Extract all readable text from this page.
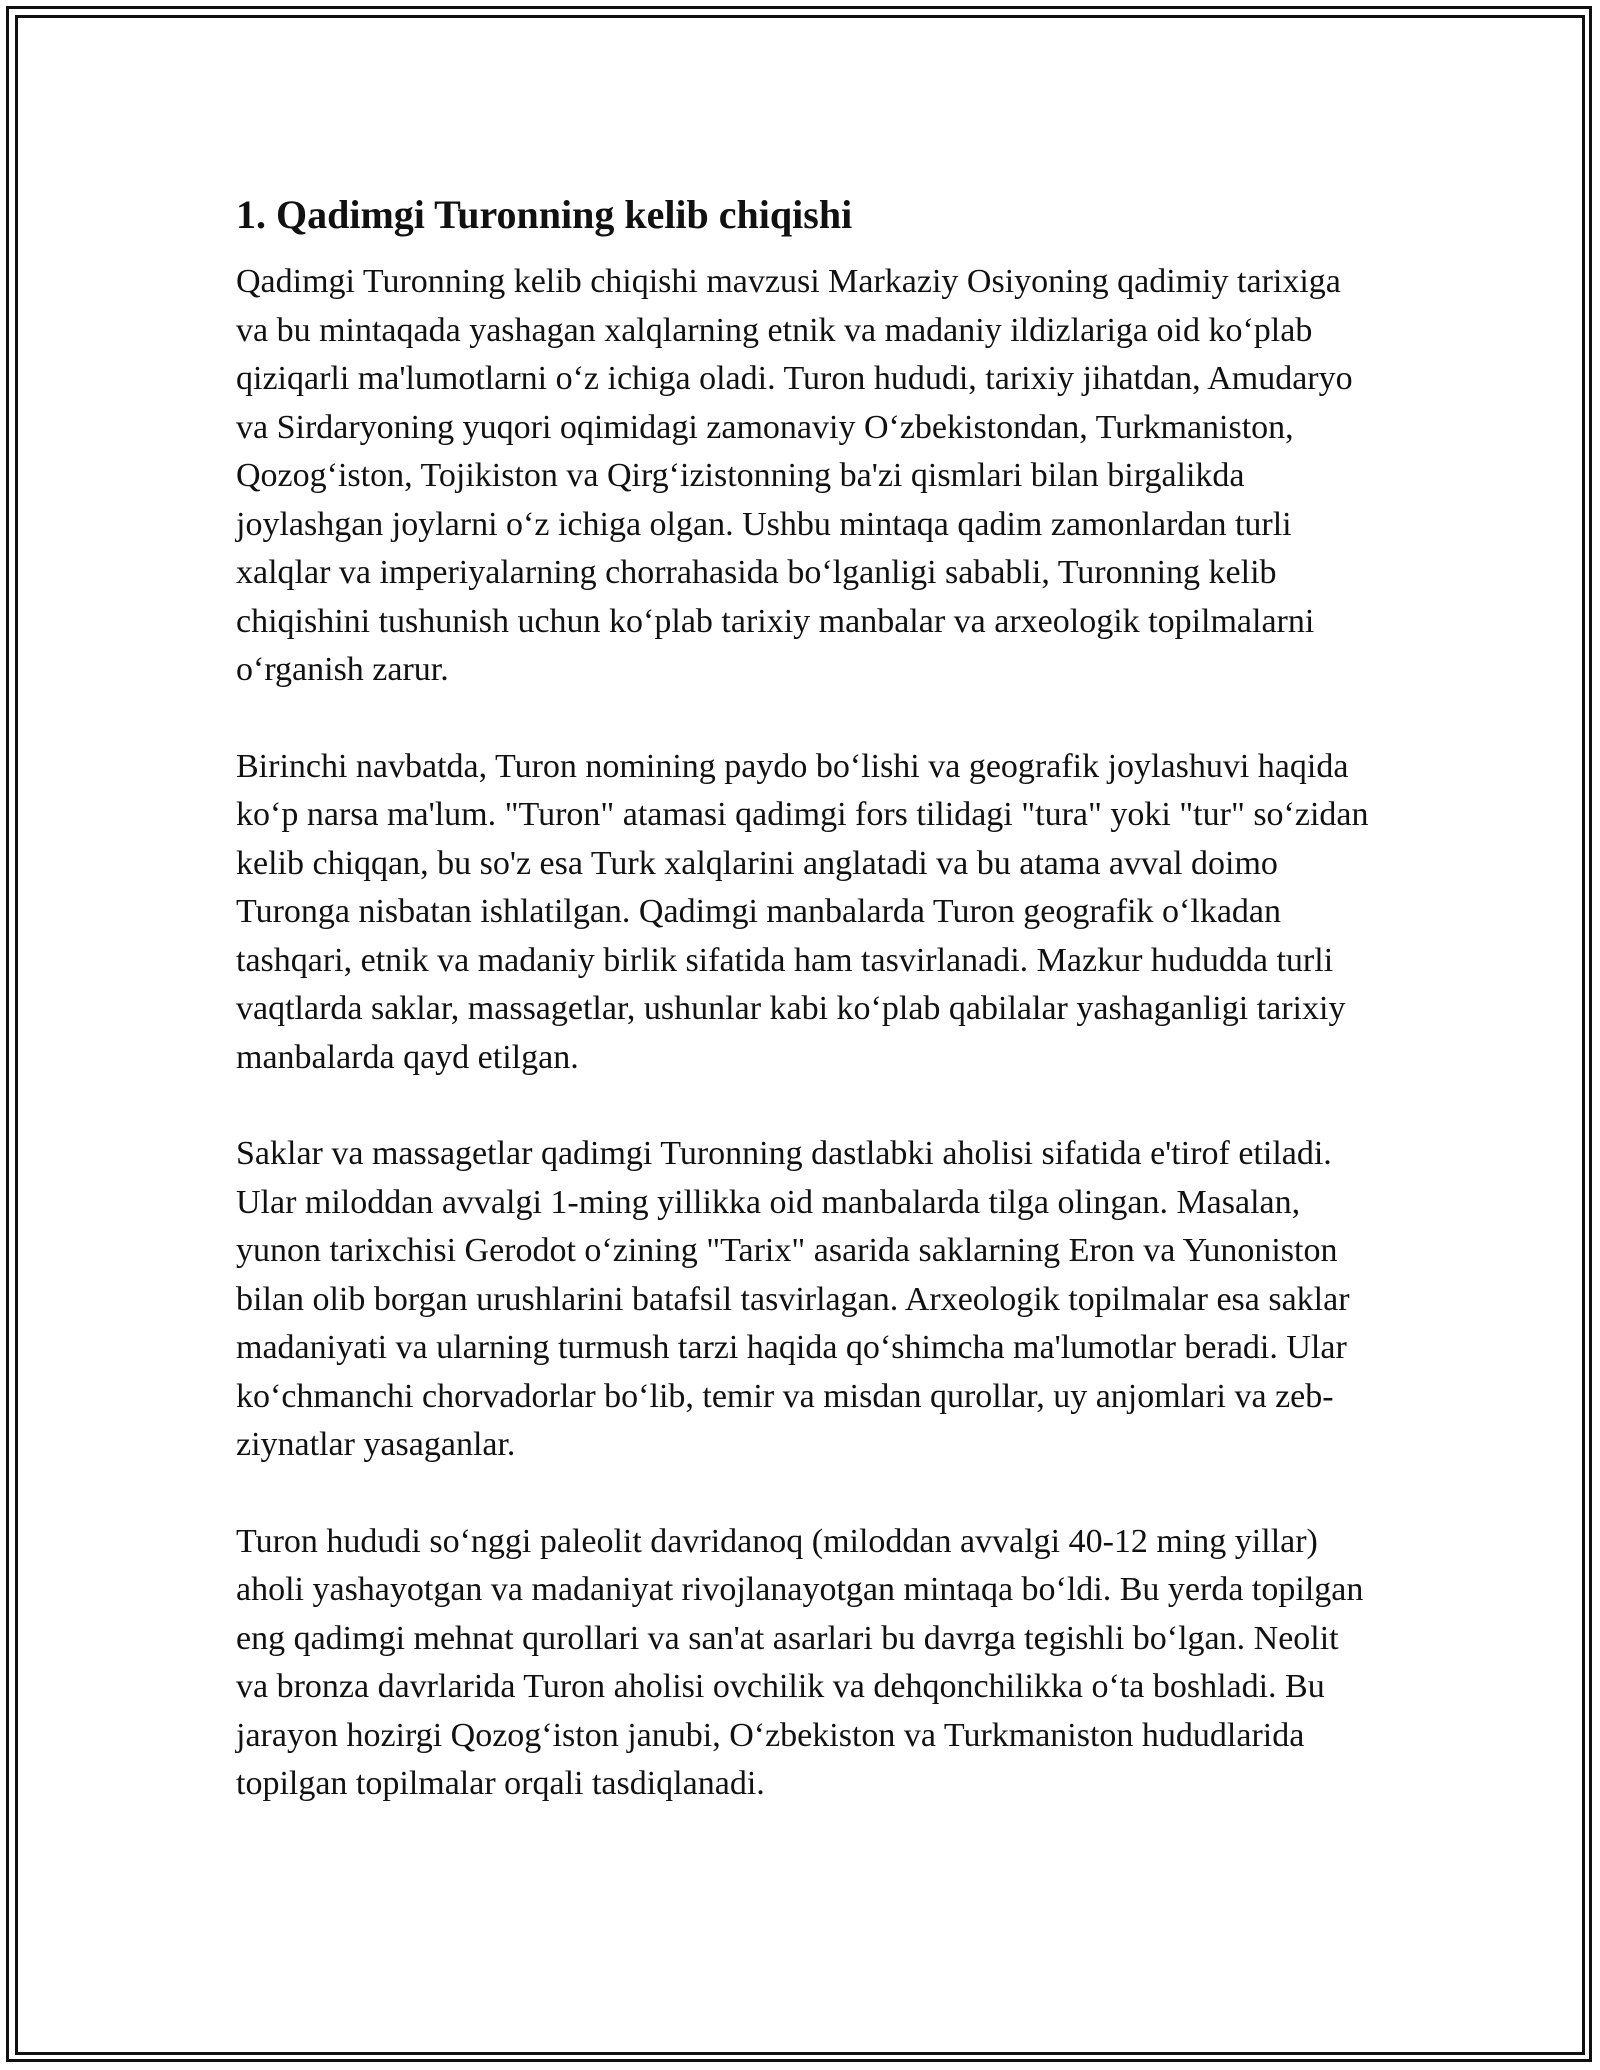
1. Qadimgi Turonning kelib chiqishi

Qadimgi Turonning kelib chiqishi mavzusi Markaziy Osiyoning qadimiy tarixiga va bu mintaqada yashagan xalqlarning etnik va madaniy ildizlariga oid koʻplab qiziqarli ma'lumotlarni oʻz ichiga oladi. Turon hududi, tarixiy jihatdan, Amudaryo va Sirdaryoning yuqori oqimidagi zamonaviy Oʻzbekistondan, Turkmaniston, Qozogʻiston, Tojikiston va Qirgʻizistonning ba'zi qismlari bilan birgalikda joylashgan joylarni oʻz ichiga olgan. Ushbu mintaqa qadim zamonlardan turli xalqlar va imperiyalarning chorrahasida boʻlganligi sababli, Turonning kelib chiqishini tushunish uchun koʻplab tarixiy manbalar va arxeologik topilmalarni oʻrganish zarur.

Birinchi navbatda, Turon nomining paydo boʻlishi va geografik joylashuvi haqida koʻp narsa ma'lum. "Turon" atamasi qadimgi fors tilidagi "tura" yoki "tur" soʻzidan kelib chiqqan, bu so'z esa Turk xalqlarini anglatadi va bu atama avval doimo Turonga nisbatan ishlatilgan. Qadimgi manbalarda Turon geografik oʻlkadan tashqari, etnik va madaniy birlik sifatida ham tasvirlanadi. Mazkur hududda turli vaqtlarda saklar, massagetlar, ushunlar kabi koʻplab qabilalar yashaganligi tarixiy manbalarda qayd etilgan.

Saklar va massagetlar qadimgi Turonning dastlabki aholisi sifatida e'tirof etiladi. Ular miloddan avvalgi 1-ming yillikka oid manbalarda tilga olingan. Masalan, yunon tarixchisi Gerodot oʻzining "Tarix" asarida saklarning Eron va Yunoniston bilan olib borgan urushlarini batafsil tasvirlagan. Arxeologik topilmalar esa saklar madaniyati va ularning turmush tarzi haqida qoʻshimcha ma'lumotlar beradi. Ular koʻchmanchi chorvadorlar boʻlib, temir va misdan qurollar, uy anjomlari va zeb-ziynatlar yasaganlar.

Turon hududi soʻnggi paleolit davridanoq (miloddan avvalgi 40-12 ming yillar) aholi yashayotgan va madaniyat rivojlanayotgan mintaqa boʻldi. Bu yerda topilgan eng qadimgi mehnat qurollari va san'at asarlari bu davrga tegishli boʻlgan. Neolit va bronza davrlarida Turon aholisi ovchilik va dehqonchilikka oʻta boshladi. Bu jarayon hozirgi Qozogʻiston janubi, Oʻzbekiston va Turkmaniston hududlarida topilgan topilmalar orqali tasdiqlanadi.
